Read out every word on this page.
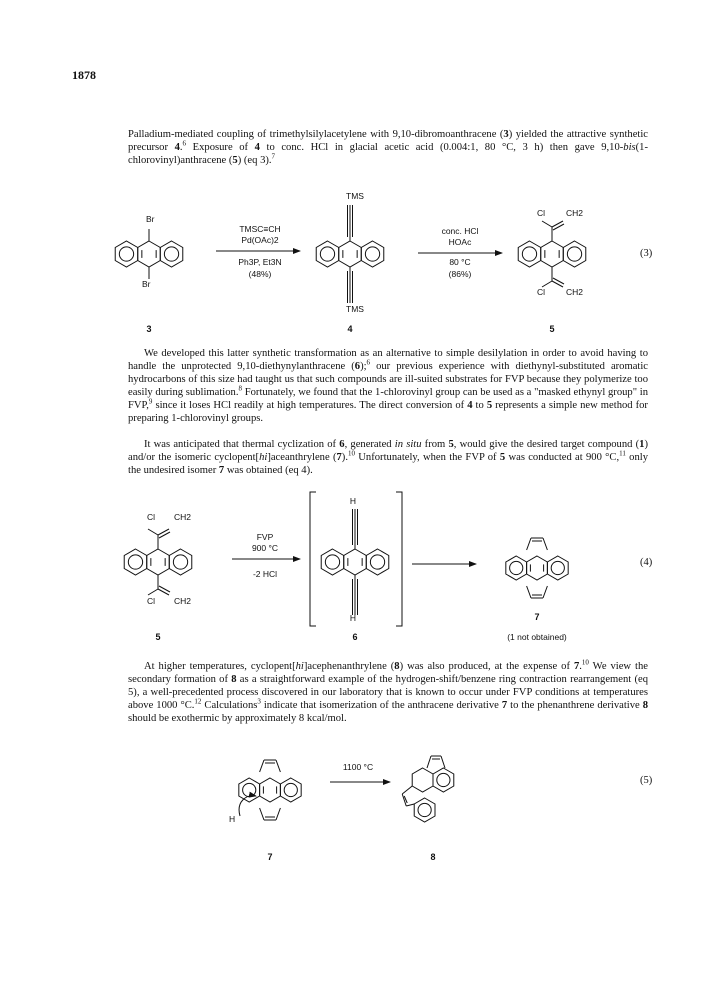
1878
Palladium-mediated coupling of trimethylsilylacetylene with 9,10-dibromoanthracene (3) yielded the attractive synthetic precursor 4.$^6$ Exposure of 4 to conc. HCl in glacial acetic acid (0.004:1, 80 °C, 3 h) then gave 9,10-bis(1-chlorovinyl)anthracene (5) (eq 3).$^7$
We developed this latter synthetic transformation as an alternative to simple desilylation in order to avoid having to handle the unprotected 9,10-diethynylanthracene (6);$^6$ our previous experience with diethynyl-substituted aromatic hydrocarbons of this size had taught us that such compounds are ill-suited substrates for FVP because they polymerize too easily during sublimation.$^8$ Fortunately, we found that the 1-chlorovinyl group can be used as a "masked ethynyl group" in FVP,$^9$ since it loses HCl readily at high temperatures. The direct conversion of 4 to 5 represents a simple new method for preparing 1-chlorovinyl groups.
It was anticipated that thermal cyclization of 6, generated in situ from 5, would give the desired target compound (1) and/or the isomeric cyclopent[hi]aceanthrylene (7).$^{10}$ Unfortunately, when the FVP of 5 was conducted at 900 °C,$^{11}$ only the undesired isomer 7 was obtained (eq 4).
At higher temperatures, cyclopent[hi]acephenanthrylene (8) was also produced, at the expense of 7.10 We view the secondary formation of 8 as a straightforward example of the hydrogen-shift/benzene ring contraction rearrangement (eq 5), a well-precedented process discovered in our laboratory that is known to occur under FVP conditions at temperatures above 1000 °C.$^{12}$ Calculations$^3$ indicate that isomerization of the anthracene derivative 7 to the phenanthrene derivative 8 should be exothermic by approximately 8 kcal/mol.
Br
Br
TMSC≡CH
Pd(OAc)2
Ph3P, Et3N
(48%)
TMS
TMS
conc. HCl
HOAc
80 °C
(86%)
Cl CH2
Cl CH2
(3)
3	4	5
Cl CH2
Cl CH2
FVP
900 °C
-2 HCl
H
H
(4)
5	6
7
(1 not obtained)
H
1100 °C
(5)
7	8
